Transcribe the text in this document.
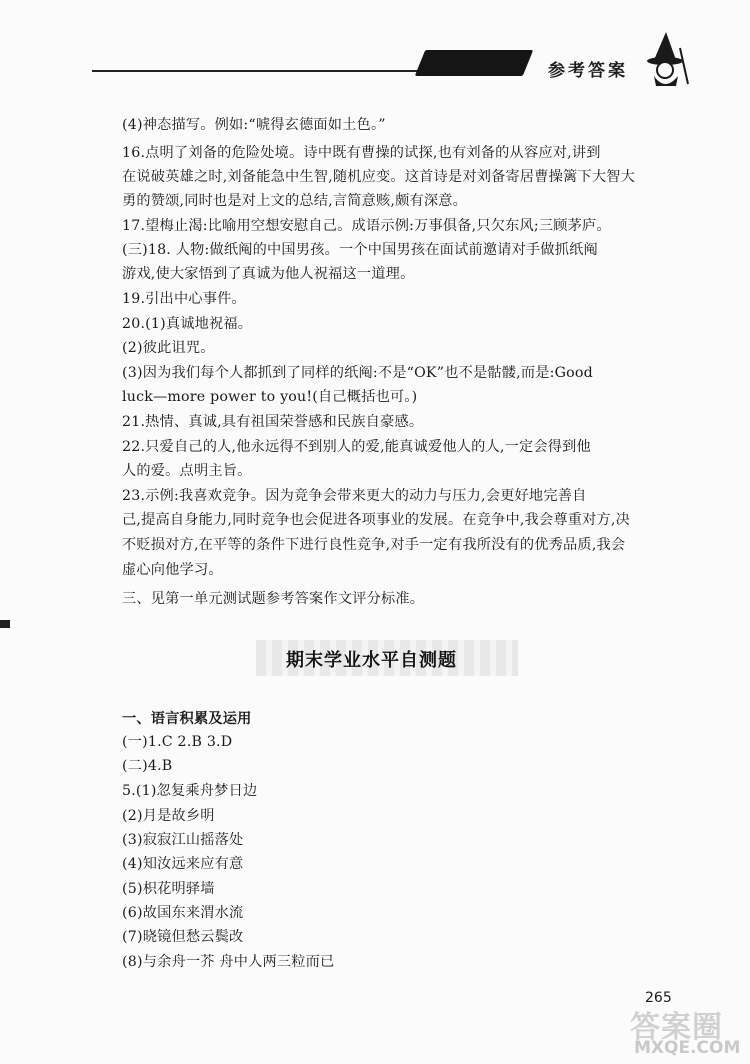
参考答案
(4)神态描写。例如:“唬得玄德面如土色。”
16.点明了刘备的危险处境。诗中既有曹操的试探,也有刘备的从容应对,讲到
在说破英雄之时,刘备能急中生智,随机应变。这首诗是对刘备寄居曹操篱下大智大
勇的赞颂,同时也是对上文的总结,言简意赅,颇有深意。
17.望梅止渴:比喻用空想安慰自己。成语示例:万事俱备,只欠东风;三顾茅庐。
(三)18. 人物:做纸阄的中国男孩。一个中国男孩在面试前邀请对手做抓纸阄
游戏,使大家悟到了真诚为他人祝福这一道理。
19.引出中心事件。
20.(1)真诚地祝福。
(2)彼此诅咒。
(3)因为我们每个人都抓到了同样的纸阄:不是“OK”也不是骷髅,而是:Good
luck—more power to you!(自己概括也可。)
21.热情、真诚,具有祖国荣誉感和民族自豪感。
22.只爱自己的人,他永远得不到别人的爱,能真诚爱他人的人,一定会得到他
人的爱。点明主旨。
23.示例:我喜欢竞争。因为竞争会带来更大的动力与压力,会更好地完善自
己,提高自身能力,同时竞争也会促进各项事业的发展。在竞争中,我会尊重对方,决
不贬损对方,在平等的条件下进行良性竞争,对手一定有我所没有的优秀品质,我会
虚心向他学习。
三、见第一单元测试题参考答案作文评分标准。
期末学业水平自测题
一、语言积累及运用
(一)1.C 2.B 3.D
(二)4.B
5.(1)忽复乘舟梦日边
(2)月是故乡明
(3)寂寂江山摇落处
(4)知汝远来应有意
(5)枳花明驿墙
(6)故国东来渭水流
(7)晓镜但愁云鬓改
(8)与余舟一芥 舟中人两三粒而已
265
答案圈
MXQE.COM
